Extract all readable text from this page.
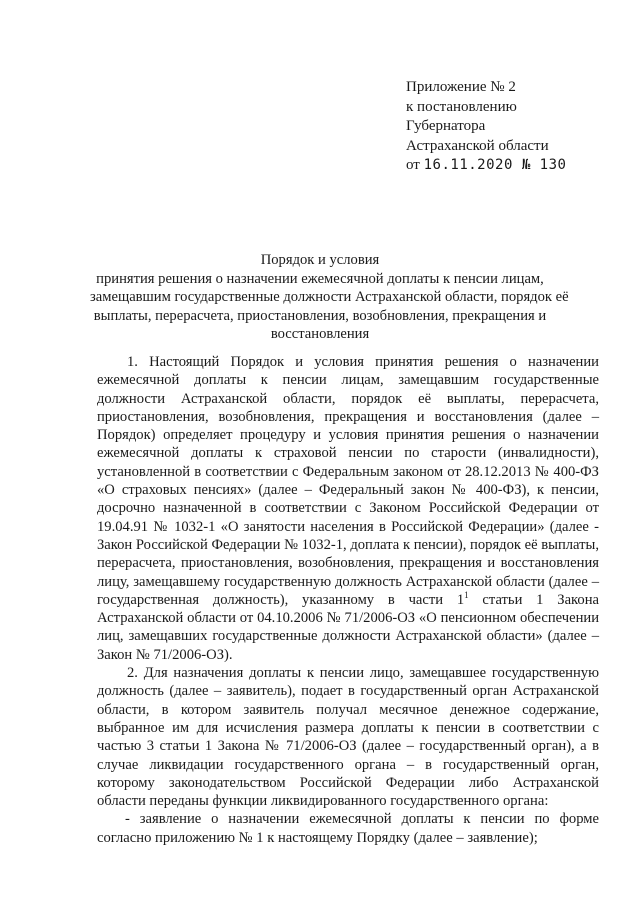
Приложение № 2
к постановлению
Губернатора
Астраханской области
от 16.11.2020 № 130
Порядок и условия
принятия решения о назначении ежемесячной доплаты к пенсии лицам,
замещавшим государственные должности Астраханской области, порядок её
выплаты, перерасчета, приостановления, возобновления, прекращения и
восстановления

1. Настоящий Порядок и условия принятия решения о назначении ежемесячной доплаты к пенсии лицам, замещавшим государственные должности Астраханской области, порядок её выплаты, перерасчета, приостановления, возобновления, прекращения и восстановления (далее – Порядок) определяет процедуру и условия принятия решения о назначении ежемесячной доплаты к страховой пенсии по старости (инвалидности), установленной в соответствии с Федеральным законом от 28.12.2013 № 400-ФЗ «О страховых пенсиях» (далее – Федеральный закон № 400-ФЗ), к пенсии, досрочно назначенной в соответствии с Законом Российской Федерации от 19.04.91 № 1032-1 «О занятости населения в Российской Федерации» (далее - Закон Российской Федерации № 1032-1, доплата к пенсии), порядок её выплаты, перерасчета, приостановления, возобновления, прекращения и восстановления лицу, замещавшему государственную должность Астраханской области (далее – государственная должность), указанному в части $1^1$ статьи 1 Закона Астраханской области от 04.10.2006 № 71/2006-ОЗ «О пенсионном обеспечении лиц, замещавших государственные должности Астраханской области» (далее – Закон № 71/2006-ОЗ).

2. Для назначения доплаты к пенсии лицо, замещавшее государственную должность (далее – заявитель), подает в государственный орган Астраханской области, в котором заявитель получал месячное денежное содержание, выбранное им для исчисления размера доплаты к пенсии в соответствии с частью 3 статьи 1 Закона № 71/2006-ОЗ (далее – государственный орган), а в случае ликвидации государственного органа – в государственный орган, которому законодательством Российской Федерации либо Астраханской области переданы функции ликвидированного государственного органа:

- заявление о назначении ежемесячной доплаты к пенсии по форме согласно приложению № 1 к настоящему Порядку (далее – заявление);
